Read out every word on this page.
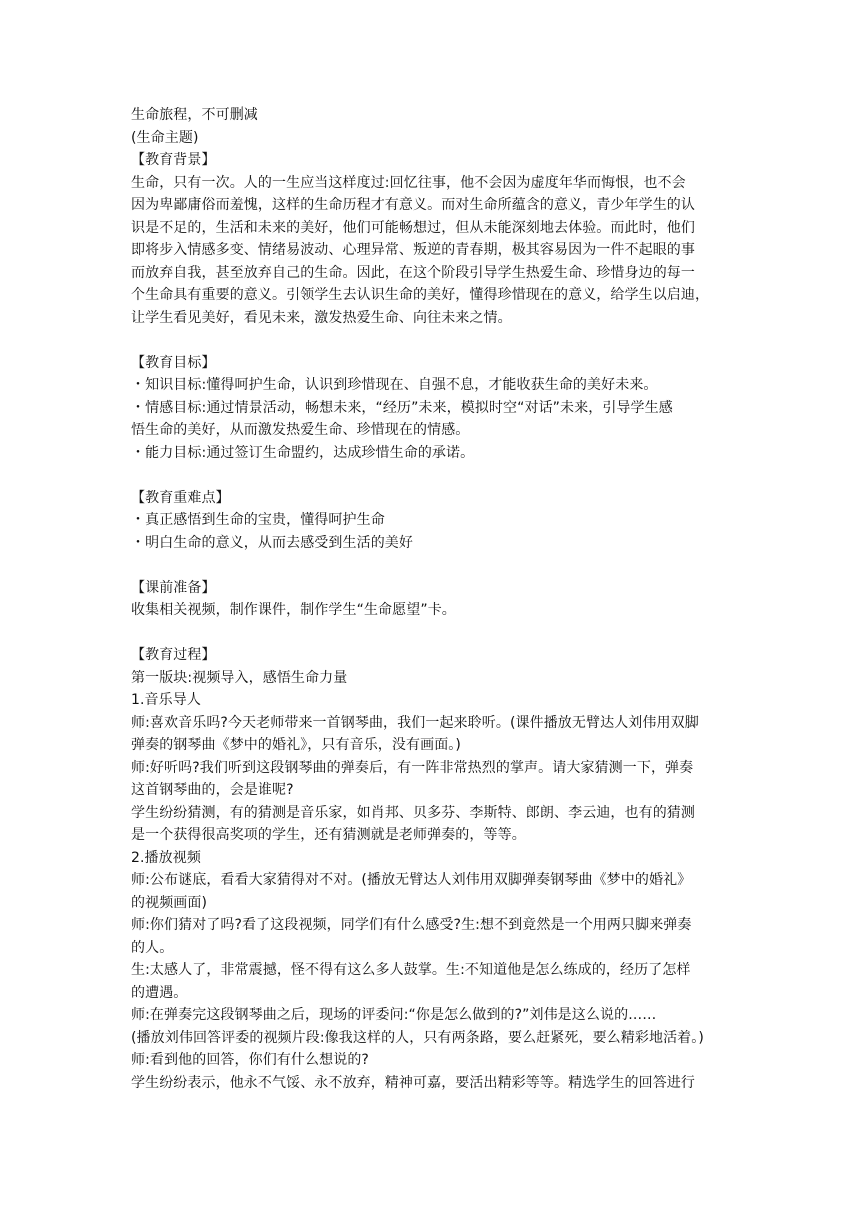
生命旅程，不可删减
(生命主题)
【教育背景】
生命，只有一次。人的一生应当这样度过:回忆往事，他不会因为虚度年华而悔恨，也不会
因为卑鄙庸俗而羞愧，这样的生命历程才有意义。而对生命所蕴含的意义，青少年学生的认
识是不足的，生活和未来的美好，他们可能畅想过，但从未能深刻地去体验。而此时，他们
即将步入情感多变、情绪易波动、心理异常、叛逆的青春期，极其容易因为一件不起眼的事
而放弃自我，甚至放弃自己的生命。因此，在这个阶段引导学生热爱生命、珍惜身边的每一
个生命具有重要的意义。引领学生去认识生命的美好，懂得珍惜现在的意义，给学生以启迪，
让学生看见美好，看见未来，激发热爱生命、向往未来之情。
【教育目标】
・知识目标:懂得呵护生命，认识到珍惜现在、自强不息，才能收获生命的美好未来。
・情感目标:通过情景活动，畅想未来，“经历”未来，模拟时空“对话”未来，引导学生感
悟生命的美好，从而激发热爱生命、珍惜现在的情感。
・能力目标:通过签订生命盟约，达成珍惜生命的承诺。
【教育重难点】
・真正感悟到生命的宝贵，懂得呵护生命
・明白生命的意义，从而去感受到生活的美好
【课前准备】
收集相关视频，制作课件，制作学生“生命愿望”卡。
【教育过程】
第一版块:视频导入，感悟生命力量
1.音乐导人
师:喜欢音乐吗?今天老师带来一首钢琴曲，我们一起来聆听。(课件播放无臂达人刘伟用双脚
弹奏的钢琴曲《梦中的婚礼》，只有音乐，没有画面。)
师:好听吗?我们听到这段钢琴曲的弹奏后，有一阵非常热烈的掌声。请大家猜测一下，弹奏
这首钢琴曲的，会是谁呢?
学生纷纷猜测，有的猜测是音乐家，如肖邦、贝多芬、李斯特、郎朗、李云迪，也有的猜测
是一个获得很高奖项的学生，还有猜测就是老师弹奏的，等等。
2.播放视频
师:公布谜底，看看大家猜得对不对。(播放无臂达人刘伟用双脚弹奏钢琴曲《梦中的婚礼》
的视频画面)
师:你们猜对了吗?看了这段视频，同学们有什么感受?生:想不到竟然是一个用两只脚来弹奏
的人。
生:太感人了，非常震撼，怪不得有这么多人鼓掌。生:不知道他是怎么练成的，经历了怎样
的遭遇。
师:在弹奏完这段钢琴曲之后，现场的评委问:“你是怎么做到的?”刘伟是这么说的……
(播放刘伟回答评委的视频片段:像我这样的人，只有两条路，要么赶紧死，要么精彩地活着。)
师:看到他的回答，你们有什么想说的?
学生纷纷表示，他永不气馁、永不放弃，精神可嘉，要活出精彩等等。精选学生的回答进行
